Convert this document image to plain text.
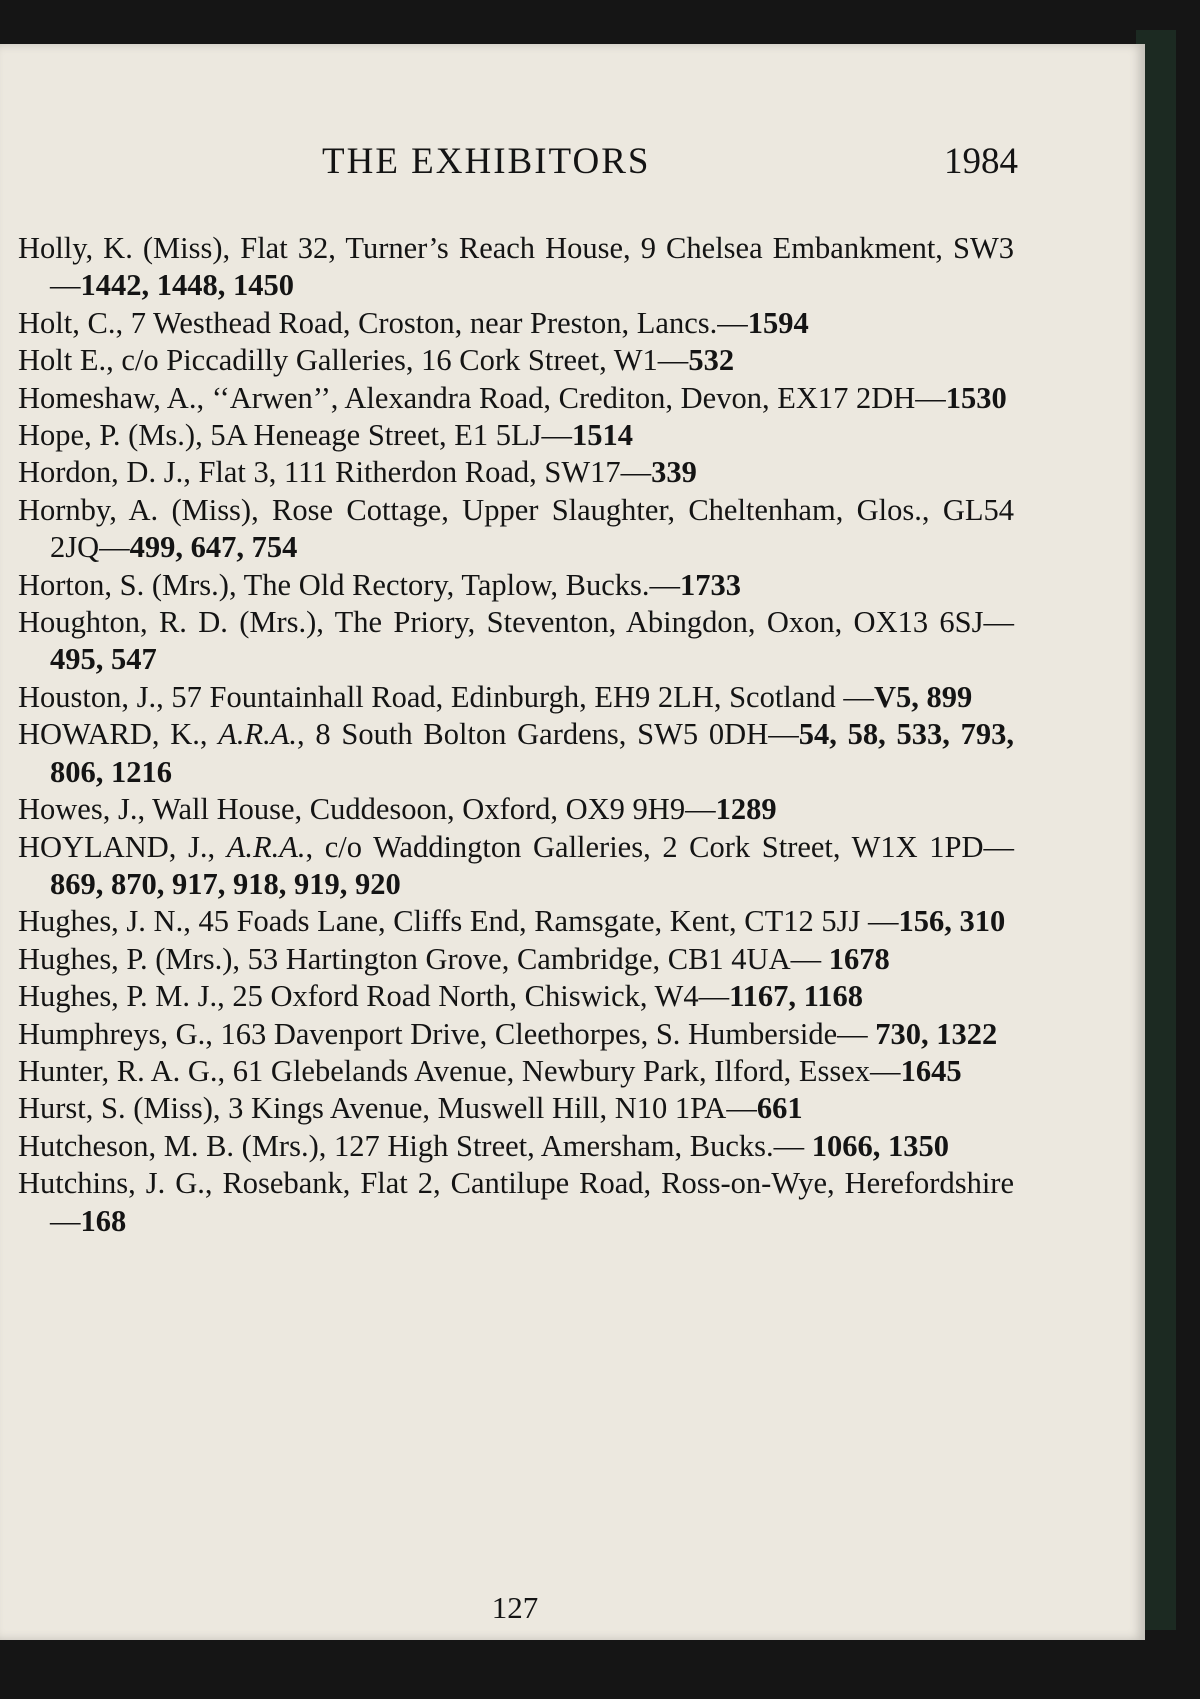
THE EXHIBITORS	1984

Holly, K. (Miss), Flat 32, Turner’s Reach House, 9 Chelsea Embankment, SW3—1442, 1448, 1450

Holt, C., 7 Westhead Road, Croston, near Preston, Lancs.—1594

Holt E., c/o Piccadilly Galleries, 16 Cork Street, W1—532

Homeshaw, A., ‘‘Arwen’’, Alexandra Road, Crediton, Devon, EX17 2DH—1530

Hope, P. (Ms.), 5A Heneage Street, E1 5LJ—1514

Hordon, D. J., Flat 3, 111 Ritherdon Road, SW17—339

Hornby, A. (Miss), Rose Cottage, Upper Slaughter, Cheltenham, Glos., GL54 2JQ—499, 647, 754

Horton, S. (Mrs.), The Old Rectory, Taplow, Bucks.—1733

Houghton, R. D. (Mrs.), The Priory, Steventon, Abingdon, Oxon, OX13 6SJ—495, 547

Houston, J., 57 Fountainhall Road, Edinburgh, EH9 2LH, Scotland —V5, 899

HOWARD, K., A.R.A., 8 South Bolton Gardens, SW5 0DH—54, 58, 533, 793, 806, 1216

Howes, J., Wall House, Cuddesoon, Oxford, OX9 9H9—1289

HOYLAND, J., A.R.A., c/o Waddington Galleries, 2 Cork Street, W1X 1PD—869, 870, 917, 918, 919, 920

Hughes, J. N., 45 Foads Lane, Cliffs End, Ramsgate, Kent, CT12 5JJ —156, 310

Hughes, P. (Mrs.), 53 Hartington Grove, Cambridge, CB1 4UA— 1678

Hughes, P. M. J., 25 Oxford Road North, Chiswick, W4—1167, 1168

Humphreys, G., 163 Davenport Drive, Cleethorpes, S. Humberside— 730, 1322

Hunter, R. A. G., 61 Glebelands Avenue, Newbury Park, Ilford, Essex—1645

Hurst, S. (Miss), 3 Kings Avenue, Muswell Hill, N10 1PA—661

Hutcheson, M. B. (Mrs.), 127 High Street, Amersham, Bucks.— 1066, 1350

Hutchins, J. G., Rosebank, Flat 2, Cantilupe Road, Ross-on-Wye, Herefordshire—168

127
